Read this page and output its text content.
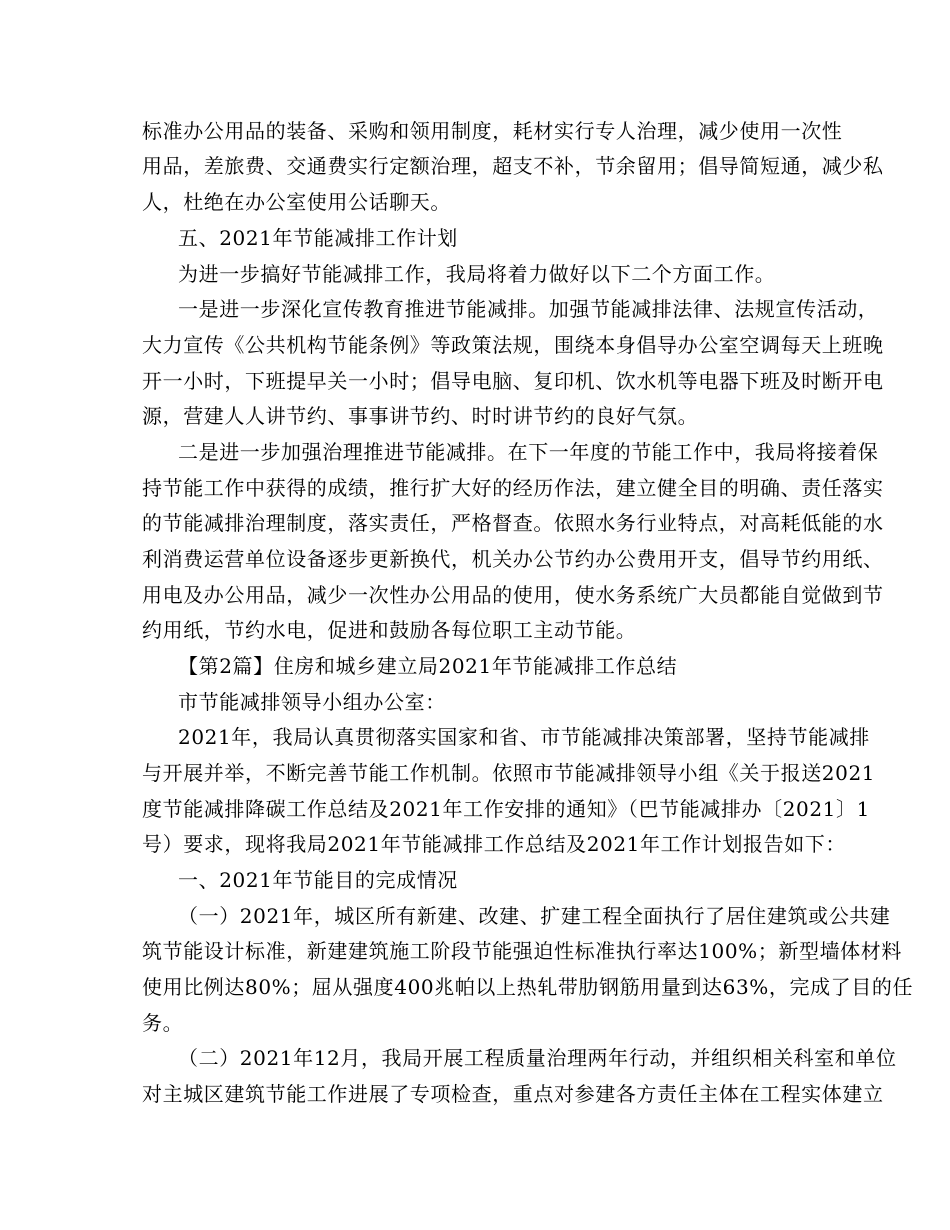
标准办公用品的装备、采购和领用制度，耗材实行专人治理，减少使用一次性
用品，差旅费、交通费实行定额治理，超支不补，节余留用；倡导简短通，减少私
人，杜绝在办公室使用公话聊天。
五、2021年节能减排工作计划
为进一步搞好节能减排工作，我局将着力做好以下二个方面工作。
一是进一步深化宣传教育推进节能减排。加强节能减排法律、法规宣传活动，
大力宣传《公共机构节能条例》等政策法规，围绕本身倡导办公室空调每天上班晚
开一小时，下班提早关一小时；倡导电脑、复印机、饮水机等电器下班及时断开电
源，营建人人讲节约、事事讲节约、时时讲节约的良好气氛。
二是进一步加强治理推进节能减排。在下一年度的节能工作中，我局将接着保
持节能工作中获得的成绩，推行扩大好的经历作法，建立健全目的明确、责任落实
的节能减排治理制度，落实责任，严格督查。依照水务行业特点，对高耗低能的水
利消费运营单位设备逐步更新换代，机关办公节约办公费用开支，倡导节约用纸、
用电及办公用品，减少一次性办公用品的使用，使水务系统广大员都能自觉做到节
约用纸，节约水电，促进和鼓励各每位职工主动节能。
【第2篇】住房和城乡建立局2021年节能减排工作总结
市节能减排领导小组办公室：
2021年，我局认真贯彻落实国家和省、市节能减排决策部署，坚持节能减排
与开展并举，不断完善节能工作机制。依照市节能减排领导小组《关于报送2021
度节能减排降碳工作总结及2021年工作安排的通知》（巴节能减排办〔2021〕1
号）要求，现将我局2021年节能减排工作总结及2021年工作计划报告如下：
一、2021年节能目的完成情况
（一）2021年，城区所有新建、改建、扩建工程全面执行了居住建筑或公共建
筑节能设计标准，新建建筑施工阶段节能强迫性标准执行率达100%；新型墙体材料
使用比例达80%；屈从强度400兆帕以上热轧带肋钢筋用量到达63%，完成了目的任
务。
（二）2021年12月，我局开展工程质量治理两年行动，并组织相关科室和单位
对主城区建筑节能工作进展了专项检查，重点对参建各方责任主体在工程实体建立
